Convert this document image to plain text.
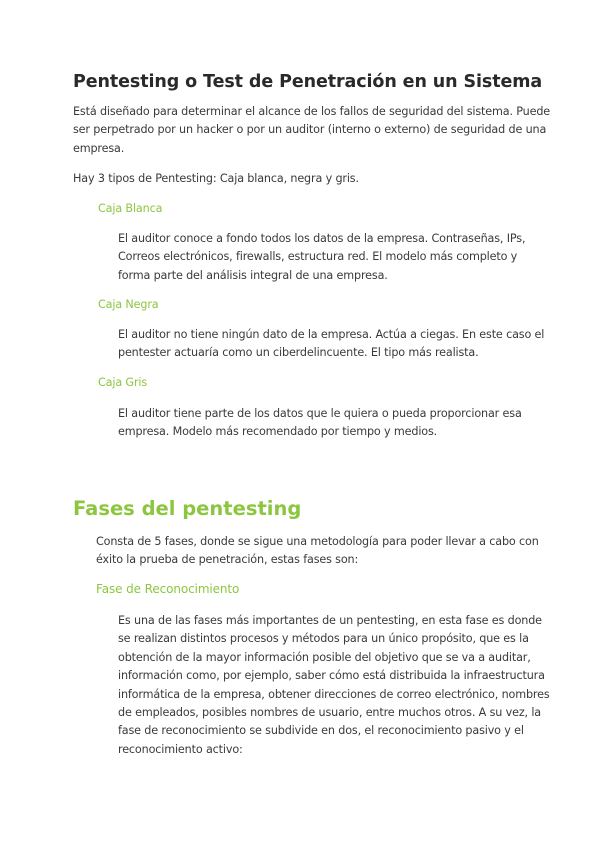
Pentesting o Test de Penetración en un Sistema

Está diseñado para determinar el alcance de los fallos de seguridad del sistema. Puede
ser perpetrado por un hacker o por un auditor (interno o externo) de seguridad de una
empresa.

Hay 3 tipos de Pentesting: Caja blanca, negra y gris.

Caja Blanca

El auditor conoce a fondo todos los datos de la empresa. Contraseñas, IPs,
Correos electrónicos, firewalls, estructura red. El modelo más completo y
forma parte del análisis integral de una empresa.

Caja Negra

El auditor no tiene ningún dato de la empresa. Actúa a ciegas. En este caso el
pentester actuaría como un ciberdelincuente. El tipo más realista.

Caja Gris

El auditor tiene parte de los datos que le quiera o pueda proporcionar esa
empresa. Modelo más recomendado por tiempo y medios.

Fases del pentesting

Consta de 5 fases, donde se sigue una metodología para poder llevar a cabo con
éxito la prueba de penetración, estas fases son:

Fase de Reconocimiento

Es una de las fases más importantes de un pentesting, en esta fase es donde
se realizan distintos procesos y métodos para un único propósito, que es la
obtención de la mayor información posible del objetivo que se va a auditar,
información como, por ejemplo, saber cómo está distribuida la infraestructura
informática de la empresa, obtener direcciones de correo electrónico, nombres
de empleados, posibles nombres de usuario, entre muchos otros. A su vez, la
fase de reconocimiento se subdivide en dos, el reconocimiento pasivo y el
reconocimiento activo:
